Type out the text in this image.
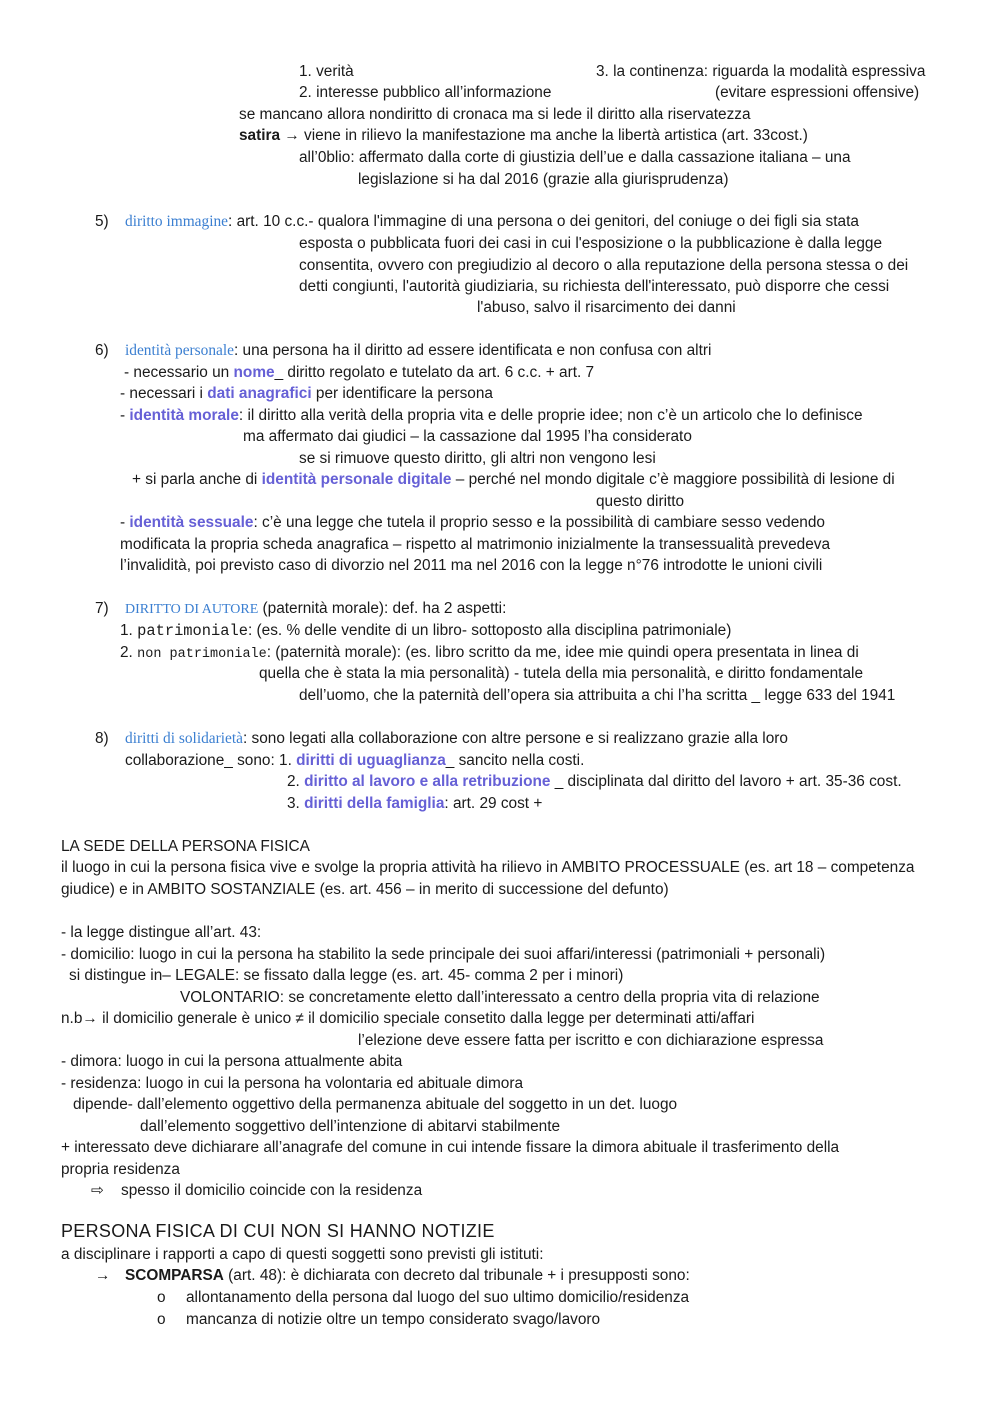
1. verità	3. la continenza: riguarda la modalità espressiva
2. interesse pubblico all’informazione	(evitare espressioni offensive)
se mancano allora nondiritto di cronaca ma si lede il diritto alla riservatezza
satira → viene in rilievo la manifestazione ma anche la libertà artistica (art. 33cost.)
all’0blio: affermato dalla corte di giustizia dell’ue e dalla cassazione italiana – una
legislazione si ha dal 2016 (grazie alla giurisprudenza)
5) diritto immagine: art. 10 c.c.- qualora l'immagine di una persona o dei genitori, del coniuge o dei figli sia stata
esposta o pubblicata fuori dei casi in cui l'esposizione o la pubblicazione è dalla legge
consentita, ovvero con pregiudizio al decoro o alla reputazione della persona stessa o dei
detti congiunti, l'autorità giudiziaria, su richiesta dell'interessato, può disporre che cessi
l'abuso, salvo il risarcimento dei danni
6) identità personale: una persona ha il diritto ad essere identificata e non confusa con altri
- necessario un nome_ diritto regolato e tutelato da art. 6 c.c. + art. 7
- necessari i dati anagrafici per identificare la persona
- identità morale: il diritto alla verità della propria vita e delle proprie idee; non c’è un articolo che lo definisce
ma affermato dai giudici – la cassazione dal 1995 l’ha considerato
se si rimuove questo diritto, gli altri non vengono lesi
+ si parla anche di identità personale digitale – perché nel mondo digitale c’è maggiore possibilità di lesione di
questo diritto
- identità sessuale: c’è una legge che tutela il proprio sesso e la possibilità di cambiare sesso vedendo
modificata la propria scheda anagrafica – rispetto al matrimonio inizialmente la transessualità prevedeva
l’invalidità, poi previsto caso di divorzio nel 2011 ma nel 2016 con la legge n°76 introdotte le unioni civili
7) DIRITTO DI AUTORE (paternità morale): def. ha 2 aspetti:
1. patrimoniale: (es. % delle vendite di un libro- sottoposto alla disciplina patrimoniale)
2. non patrimoniale: (paternità morale): (es. libro scritto da me, idee mie quindi opera presentata in linea di
quella che è stata la mia personalità) - tutela della mia personalità, e diritto fondamentale
dell’uomo, che la paternità dell’opera sia attribuita a chi l’ha scritta _ legge 633 del 1941
8) diritti di solidarietà: sono legati alla collaborazione con altre persone e si realizzano grazie alla loro
collaborazione_ sono: 1. diritti di uguaglianza_ sancito nella costi.
2. diritto al lavoro e alla retribuzione _ disciplinata dal diritto del lavoro + art. 35-36 cost.
3. diritti della famiglia: art. 29 cost +
LA SEDE DELLA PERSONA FISICA
il luogo in cui la persona fisica vive e svolge la propria attività ha rilievo in AMBITO PROCESSUALE (es. art 18 – competenza
giudice) e in AMBITO SOSTANZIALE (es. art. 456 – in merito di successione del defunto)
- la legge distingue all’art. 43:
- domicilio: luogo in cui la persona ha stabilito la sede principale dei suoi affari/interessi (patrimoniali + personali)
si distingue in– LEGALE: se fissato dalla legge (es. art. 45- comma 2 per i minori)
VOLONTARIO: se concretamente eletto dall’interessato a centro della propria vita di relazione
n.b→ il domicilio generale è unico ≠ il domicilio speciale consetito dalla legge per determinati atti/affari
l’elezione deve essere fatta per iscritto e con dichiarazione espressa
- dimora: luogo in cui la persona attualmente abita
- residenza: luogo in cui la persona ha volontaria ed abituale dimora
dipende- dall’elemento oggettivo della permanenza abituale del soggetto in un det. luogo
dall’elemento soggettivo dell’intenzione di abitarvi stabilmente
+ interessato deve dichiarare all’anagrafe del comune in cui intende fissare la dimora abituale il trasferimento della
propria residenza
⇨ spesso il domicilio coincide con la residenza
PERSONA FISICA DI CUI NON SI HANNO NOTIZIE
a disciplinare i rapporti a capo di questi soggetti sono previsti gli istituti:
→ SCOMPARSA (art. 48): è dichiarata con decreto dal tribunale + i presupposti sono:
o allontanamento della persona dal luogo del suo ultimo domicilio/residenza
o mancanza di notizie oltre un tempo considerato svago/lavoro
